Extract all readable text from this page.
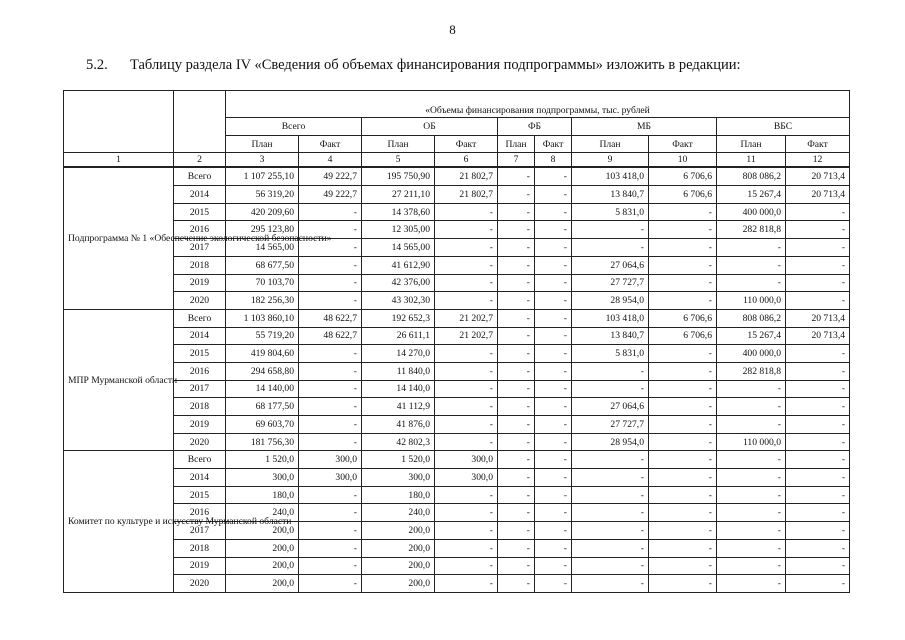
8
5.2. Таблицу раздела IV «Сведения об объемах финансирования подпрограммы» изложить в редакции:
		«Объемы финансирования подпрограммы, тыс. рублей									
		Всего		ОБ		ФБ		МБ		ВБС	
		План	Факт	План	Факт	План	Факт	План	Факт	План	Факт
1	2	3	4	5	6	7	8	9	10	11	12
Подпрограмма № 1 «Обеспечение экологической безопасности»	Всего	1 107 255,10	49 222,7	195 750,90	21 802,7	-	-	103 418,0	6 706,6	808 086,2	20 713,4
	2014	56 319,20	49 222,7	27 211,10	21 802,7	-	-	13 840,7	6 706,6	15 267,4	20 713,4
	2015	420 209,60	-	14 378,60	-	-	-	5 831,0	-	400 000,0	-
	2016	295 123,80	-	12 305,00	-	-	-	-	-	282 818,8	-
	2017	14 565,00	-	14 565,00	-	-	-	-	-	-	-
	2018	68 677,50	-	41 612,90	-	-	-	27 064,6	-	-	-
	2019	70 103,70	-	42 376,00	-	-	-	27 727,7	-	-	-
	2020	182 256,30	-	43 302,30	-	-	-	28 954,0	-	110 000,0	-
МПР Мурманской области	Всего	1 103 860,10	48 622,7	192 652,3	21 202,7	-	-	103 418,0	6 706,6	808 086,2	20 713,4
	2014	55 719,20	48 622,7	26 611,1	21 202,7	-	-	13 840,7	6 706,6	15 267,4	20 713,4
	2015	419 804,60	-	14 270,0	-	-	-	5 831,0	-	400 000,0	-
	2016	294 658,80	-	11 840,0	-	-	-	-	-	282 818,8	-
	2017	14 140,00	-	14 140,0	-	-	-	-	-	-	-
	2018	68 177,50	-	41 112,9	-	-	-	27 064,6	-	-	-
	2019	69 603,70	-	41 876,0	-	-	-	27 727,7	-	-	-
	2020	181 756,30	-	42 802,3	-	-	-	28 954,0	-	110 000,0	-
Комитет по культуре и искусству Мурманской области	Всего	1 520,0	300,0	1 520,0	300,0	-	-	-	-	-	-
	2014	300,0	300,0	300,0	300,0	-	-	-	-	-	-
	2015	180,0	-	180,0	-	-	-	-	-	-	-
	2016	240,0	-	240,0	-	-	-	-	-	-	-
	2017	200,0	-	200,0	-	-	-	-	-	-	-
	2018	200,0	-	200,0	-	-	-	-	-	-	-
	2019	200,0	-	200,0	-	-	-	-	-	-	-
	2020	200,0	-	200,0	-	-	-	-	-	-	-
